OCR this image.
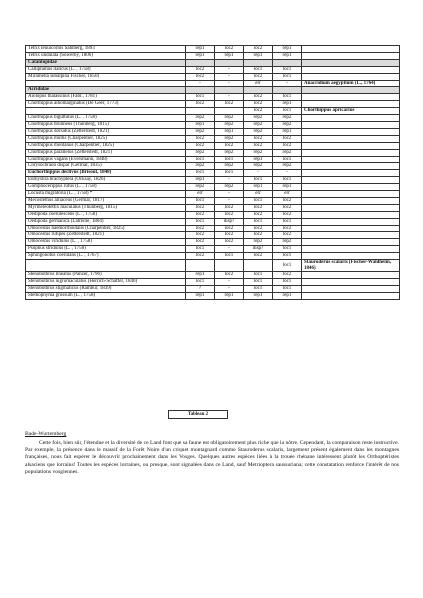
Tetrix tenuicornis Sahlberg, 1893	rép1	loc2	loc2	rép1	
Tetrix undulata (Sowerby, 1806)	rép1	rép1	rép1	rép1	
Catantopidae					
Calliptamus italicus (L. , 1758)	loc2	-	loc1	loc1	
Miramella subalpina Fischer, 1850)	loc2	-	loc2	loc1	
	-	-	err	-	Anacridium aegyptium (L., 1764)
Acrididae					
Aiolopus thalassinus (Fabr., 1781)	loc1	-	loc2	loc1	
Chorthippus albomarginatus (De Geer, 1773)	loc2	loc2	loc2	rép1	
			loc2	loc1	Chorthippus apricarius
Chorthippus biguttulus (L. , 1758)	rép2	rép2	rép2	rép2	
Chorthippus brunneus (Thunberg, 1815)	rép1	rép2	rép2	rép2	
Chorthippus dorsatus (Zetterstedt, 1821)	rép2	rép1	rép2	rép1	
Chorthippus mollis (Charpentier, 1825)	loc2	rép2	loc2	loc2	
Chorthippus montanus (Charpentier, 1825)	loc2	loc2	loc2	loc2	
Chorthippus parallelus (Zetterstedt, 1821)	rép2	rép2	rép2	rép2	
Chorthippus vagans (Eversmann, 1848)	loc1	loc1	rép1	loc1	
Chrysochraon dispar (Germar, 1835)	rép2	rép2	rép2	rép2	
Euchorthippus declivus (Brisout, 1848)	loc1	loc1	-	-	
Euthystira brachyptera (Ocksay, 1826)	rép1	-	loc1	loc1	
Gomphocerippus rufus (L. , 1758)	rép2	rép2	rép1	rép1	
Locusta migratoria (L. , 1758) *	err	-	err	err	
Mecostethus alliaceus (Germar, 1817)	loc1	-	loc1	loc2	
Myrmeleotettix maculatus (Thunberg, 1815)	loc2	loc2	loc2	loc2	
Oedipoda coerulescens (L. , 1758)	loc2	loc2	loc2	loc2	
Oedipoda germanica (Latreille, 1804)	loc1	disp?	loc1	loc1	
Omocestus haemorrhoidalis (Charpentier, 1825)	loc2	loc2	loc2	loc2	
Omocestus rufipes (Zetterstedt, 1821)	loc2	loc2	loc2	loc2	
Omocestus viridulus (L. , 1758)	loc2	loc2	rép2	rép2	
Psophus stridulus (L. , 1758)	loc1	-	disp?	loc1	
Sphingonotus coerulans (L. , 1767)	loc2	loc1	loc2	loc1	
				loc1	Stauroderus scalaris (Fischer-Waldheim, 1846)
Stenobothrus lineatus (Panzer, 1796)	rép1	loc2	loc1	loc2	
Stenobothrus nigromaculatus (Herrich-Schaffer, 1840)	loc1	-	loc1	loc1	
Stenobothrus stigmaticus (Rambur, 1839)	?	-	loc1	loc1	
Stethophyma grossum (L. , 1758)	rép1	rép1	rép1	rép1	
Tableau 2
Bade-Wurtemberg

Cette fois, bien sûr, l'étendue et la diversité de ce Land font que sa faune est obligatoirement plus riche que la nôtre. Cependant, la comparaison reste instructive. Par exemple, la présence dans le massif de la Forêt Noire d'un criquet montagnard comme Stauroderus scalaris, largement présent également dans les montagnes françaises, nous fait espérer le découvrir prochainement dans les Vosges. Quelques autres espèces liées à la trouée rhénane intéressent plutôt les Orthoptéristes alsaciens que lorrains! Toutes les espèces lorraines, ou presque, sont signalées dans ce Land, sauf Metrioptera saussuriana; cette constatation renforce l'intérêt de nos populations vosgiennes.
